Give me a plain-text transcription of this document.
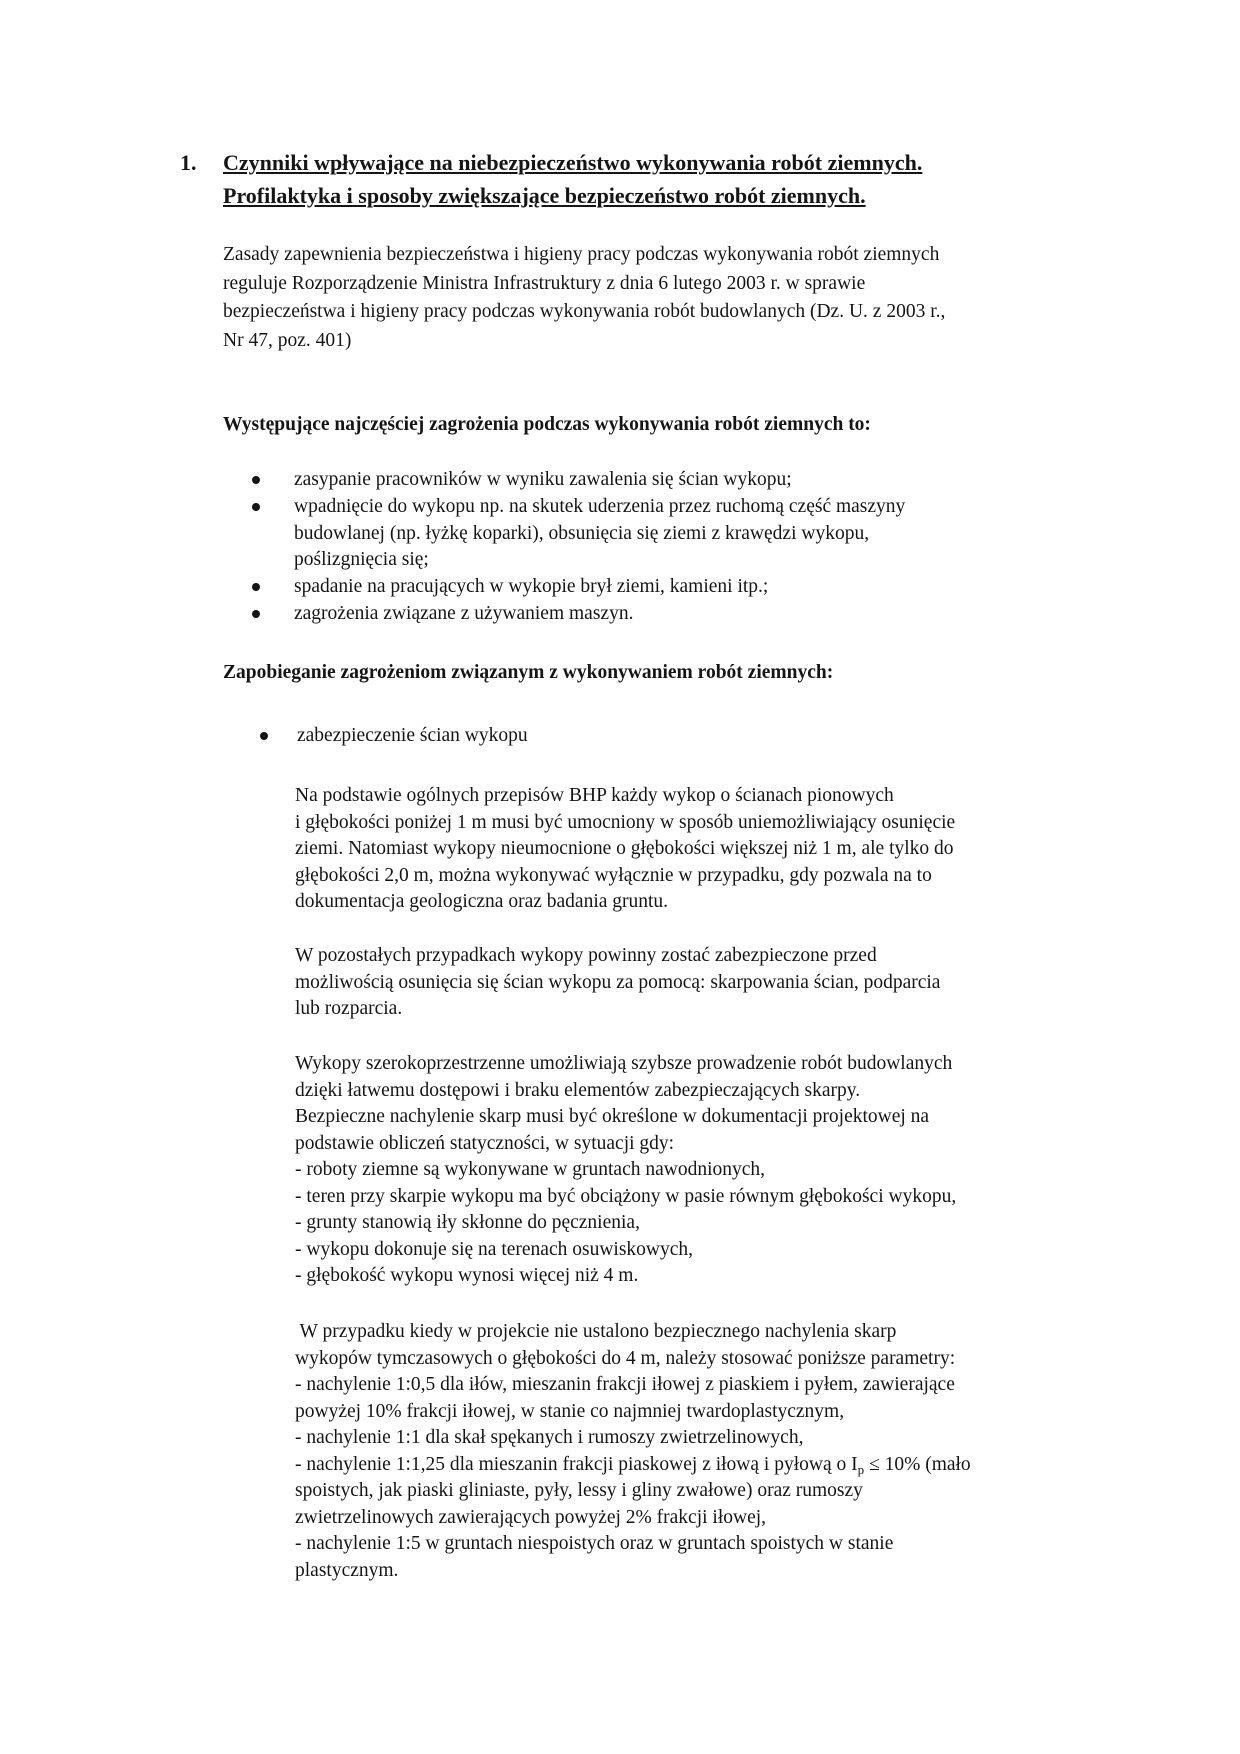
1.	Czynniki wpływające na niebezpieczeństwo wykonywania robót ziemnych.
Profilaktyka i sposoby zwiększające bezpieczeństwo robót ziemnych.
Zasady zapewnienia bezpieczeństwa i higieny pracy podczas wykonywania robót ziemnych
reguluje Rozporządzenie Ministra Infrastruktury z dnia 6 lutego 2003 r. w sprawie
bezpieczeństwa i higieny pracy podczas wykonywania robót budowlanych (Dz. U. z 2003 r.,
Nr 47, poz. 401)
Występujące najczęściej zagrożenia podczas wykonywania robót ziemnych to:
zasypanie pracowników w wyniku zawalenia się ścian wykopu;
wpadnięcie do wykopu np. na skutek uderzenia przez ruchomą część maszyny
budowlanej (np. łyżkę koparki), obsunięcia się ziemi z krawędzi wykopu,
poślizgnięcia się;
spadanie na pracujących w wykopie brył ziemi, kamieni itp.;
zagrożenia związane z używaniem maszyn.
Zapobieganie zagrożeniom związanym z wykonywaniem robót ziemnych:
zabezpieczenie ścian wykopu
Na podstawie ogólnych przepisów BHP każdy wykop o ścianach pionowych
i głębokości poniżej 1 m musi być umocniony w sposób uniemożliwiający osunięcie
ziemi. Natomiast wykopy nieumocnione o głębokości większej niż 1 m, ale tylko do
głębokości 2,0 m, można wykonywać wyłącznie w przypadku, gdy pozwala na to
dokumentacja geologiczna oraz badania gruntu.
W pozostałych przypadkach wykopy powinny zostać zabezpieczone przed
możliwością osunięcia się ścian wykopu za pomocą: skarpowania ścian, podparcia
lub rozparcia.
Wykopy szerokoprzestrzenne umożliwiają szybsze prowadzenie robót budowlanych
dzięki łatwemu dostępowi i braku elementów zabezpieczających skarpy.
Bezpieczne nachylenie skarp musi być określone w dokumentacji projektowej na
podstawie obliczeń statyczności, w sytuacji gdy:
- roboty ziemne są wykonywane w gruntach nawodnionych,
- teren przy skarpie wykopu ma być obciążony w pasie równym głębokości wykopu,
- grunty stanowią iły skłonne do pęcznienia,
- wykopu dokonuje się na terenach osuwiskowych,
- głębokość wykopu wynosi więcej niż 4 m.
W przypadku kiedy w projekcie nie ustalono bezpiecznego nachylenia skarp
wykopów tymczasowych o głębokości do 4 m, należy stosować poniższe parametry:
- nachylenie 1:0,5 dla iłów, mieszanin frakcji iłowej z piaskiem i pyłem, zawierające
powyżej 10% frakcji iłowej, w stanie co najmniej twardoplastycznym,
- nachylenie 1:1 dla skał spękanych i rumoszy zwietrzelinowych,
- nachylenie 1:1,25 dla mieszanin frakcji piaskowej z iłową i pyłową o $I_p \le 10\%$ (mało
spoistych, jak piaski gliniaste, pyły, lessy i gliny zwałowe) oraz rumoszy
zwietrzelinowych zawierających powyżej 2% frakcji iłowej,
- nachylenie 1:5 w gruntach niespoistych oraz w gruntach spoistych w stanie
plastycznym.
